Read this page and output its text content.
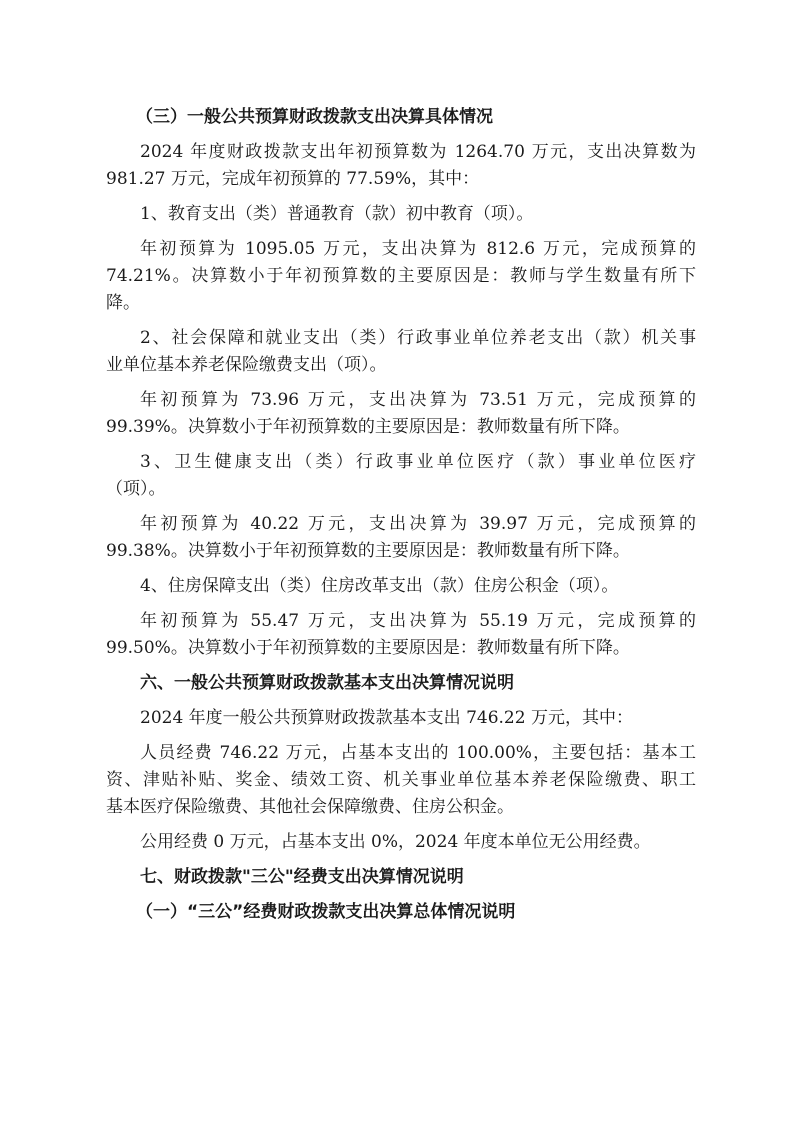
（三）一般公共预算财政拨款支出决算具体情况
2024 年度财政拨款支出年初预算数为 1264.70 万元，支出决算数为
981.27 万元，完成年初预算的 77.59%，其中：
1、教育支出（类）普通教育（款）初中教育（项）。
年初预算为 1095.05 万元，支出决算为 812.6 万元，完成预算的
74.21%。决算数小于年初预算数的主要原因是：教师与学生数量有所下
降。
2、社会保障和就业支出（类）行政事业单位养老支出（款）机关事
业单位基本养老保险缴费支出（项）。
年初预算为 73.96 万元，支出决算为 73.51 万元，完成预算的
99.39%。决算数小于年初预算数的主要原因是：教师数量有所下降。
3、卫生健康支出（类）行政事业单位医疗（款）事业单位医疗
（项）。
年初预算为 40.22 万元，支出决算为 39.97 万元，完成预算的
99.38%。决算数小于年初预算数的主要原因是：教师数量有所下降。
4、住房保障支出（类）住房改革支出（款）住房公积金（项）。
年初预算为 55.47 万元，支出决算为 55.19 万元，完成预算的
99.50%。决算数小于年初预算数的主要原因是：教师数量有所下降。
六、一般公共预算财政拨款基本支出决算情况说明
2024 年度一般公共预算财政拨款基本支出 746.22 万元，其中：
人员经费 746.22 万元，占基本支出的 100.00%，主要包括：基本工
资、津贴补贴、奖金、绩效工资、机关事业单位基本养老保险缴费、职工
基本医疗保险缴费、其他社会保障缴费、住房公积金。
公用经费 0 万元，占基本支出 0%，2024 年度本单位无公用经费。
七、财政拨款"三公"经费支出决算情况说明
（一）“三公”经费财政拨款支出决算总体情况说明
